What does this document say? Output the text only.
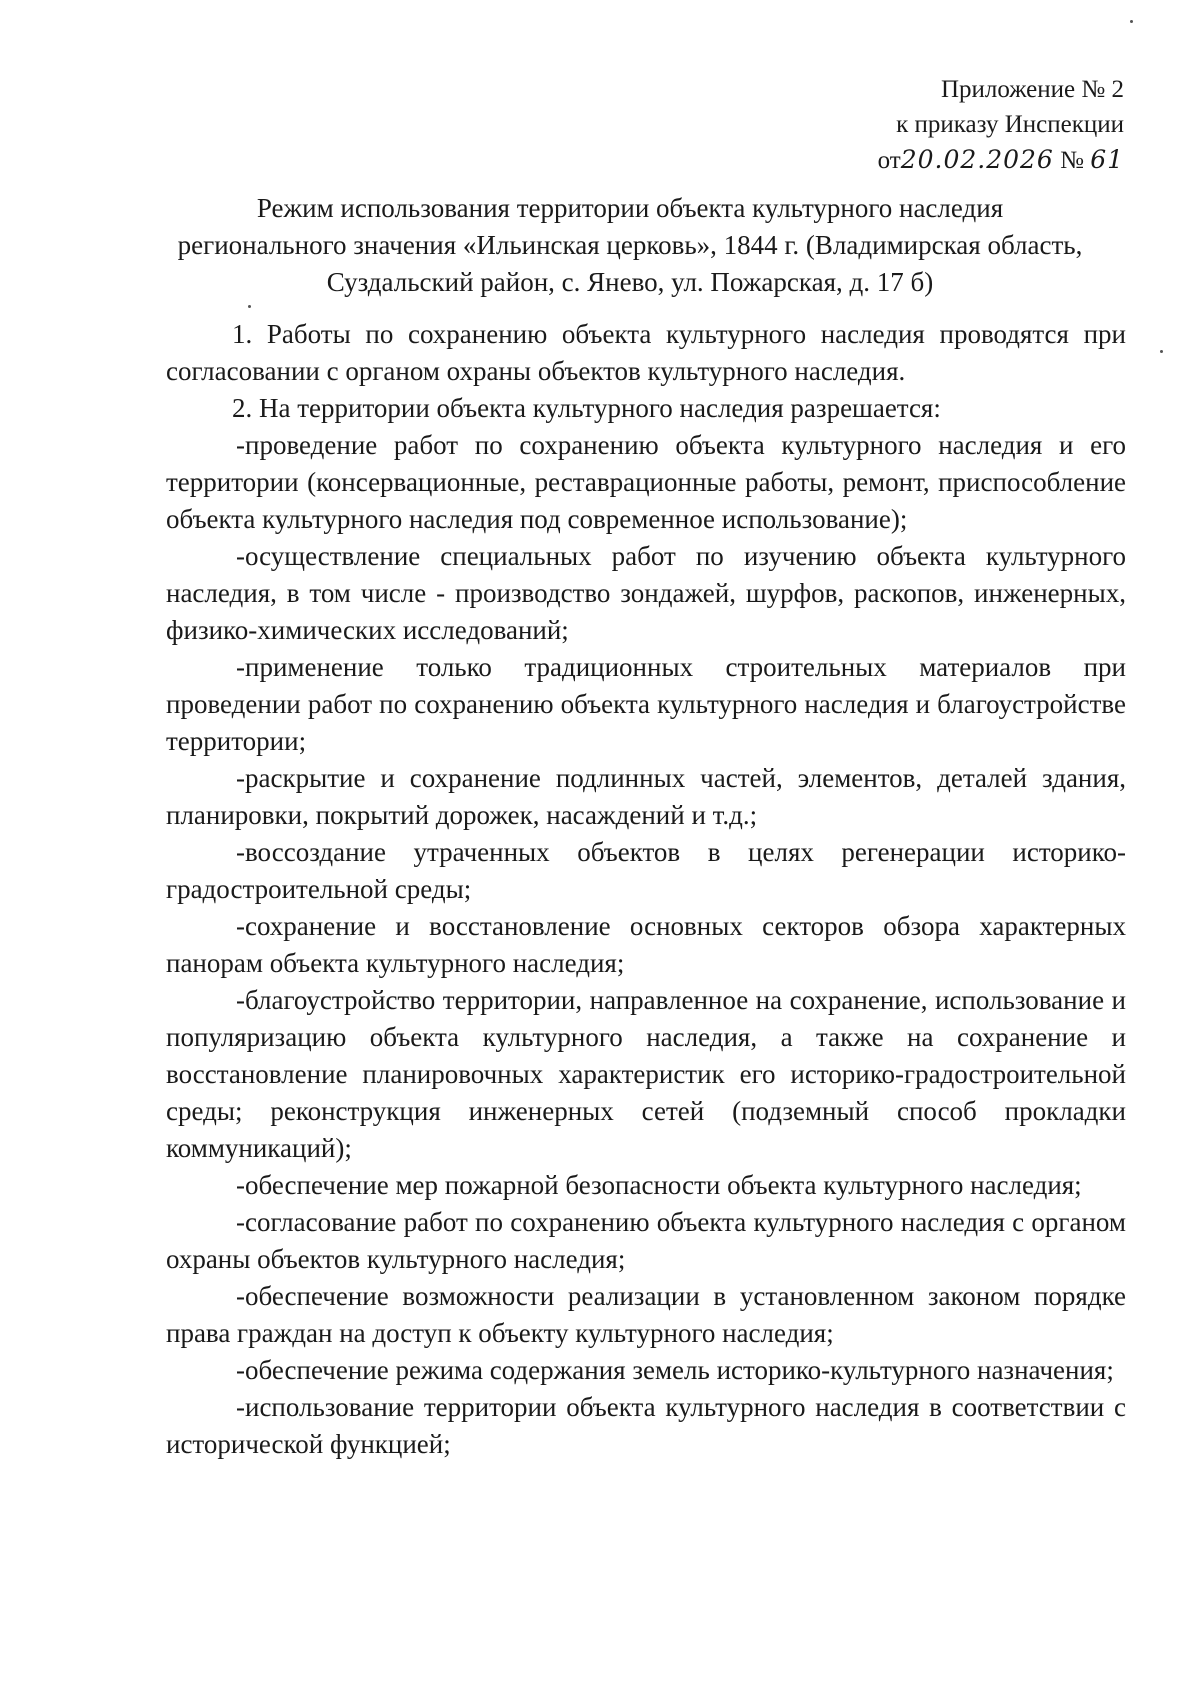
Приложение № 2
к приказу Инспекции
от20.02.2026 № 61
Режим использования территории объекта культурного наследия
регионального значения «Ильинская церковь», 1844 г. (Владимирская область,
Суздальский район, с. Янево, ул. Пожарская, д. 17 б)

1. Работы по сохранению объекта культурного наследия проводятся при согласовании с органом охраны объектов культурного наследия.

2. На территории объекта культурного наследия разрешается:

-проведение работ по сохранению объекта культурного наследия и его территории (консервационные, реставрационные работы, ремонт, приспособление объекта культурного наследия под современное использование);

-осуществление специальных работ по изучению объекта культурного наследия, в том числе - производство зондажей, шурфов, раскопов, инженерных, физико-химических исследований;

-применение только традиционных строительных материалов при проведении работ по сохранению объекта культурного наследия и благоустройстве территории;

-раскрытие и сохранение подлинных частей, элементов, деталей здания, планировки, покрытий дорожек, насаждений и т.д.;

-воссоздание утраченных объектов в целях регенерации историко-градостроительной среды;

-сохранение и восстановление основных секторов обзора характерных панорам объекта культурного наследия;

-благоустройство территории, направленное на сохранение, использование и популяризацию объекта культурного наследия, а также на сохранение и восстановление планировочных характеристик его историко-градостроительной среды; реконструкция инженерных сетей (подземный способ прокладки коммуникаций);

-обеспечение мер пожарной безопасности объекта культурного наследия;

-согласование работ по сохранению объекта культурного наследия с органом охраны объектов культурного наследия;

-обеспечение возможности реализации в установленном законом порядке права граждан на доступ к объекту культурного наследия;

-обеспечение режима содержания земель историко-культурного назначения;

-использование территории объекта культурного наследия в соответствии с исторической функцией;
